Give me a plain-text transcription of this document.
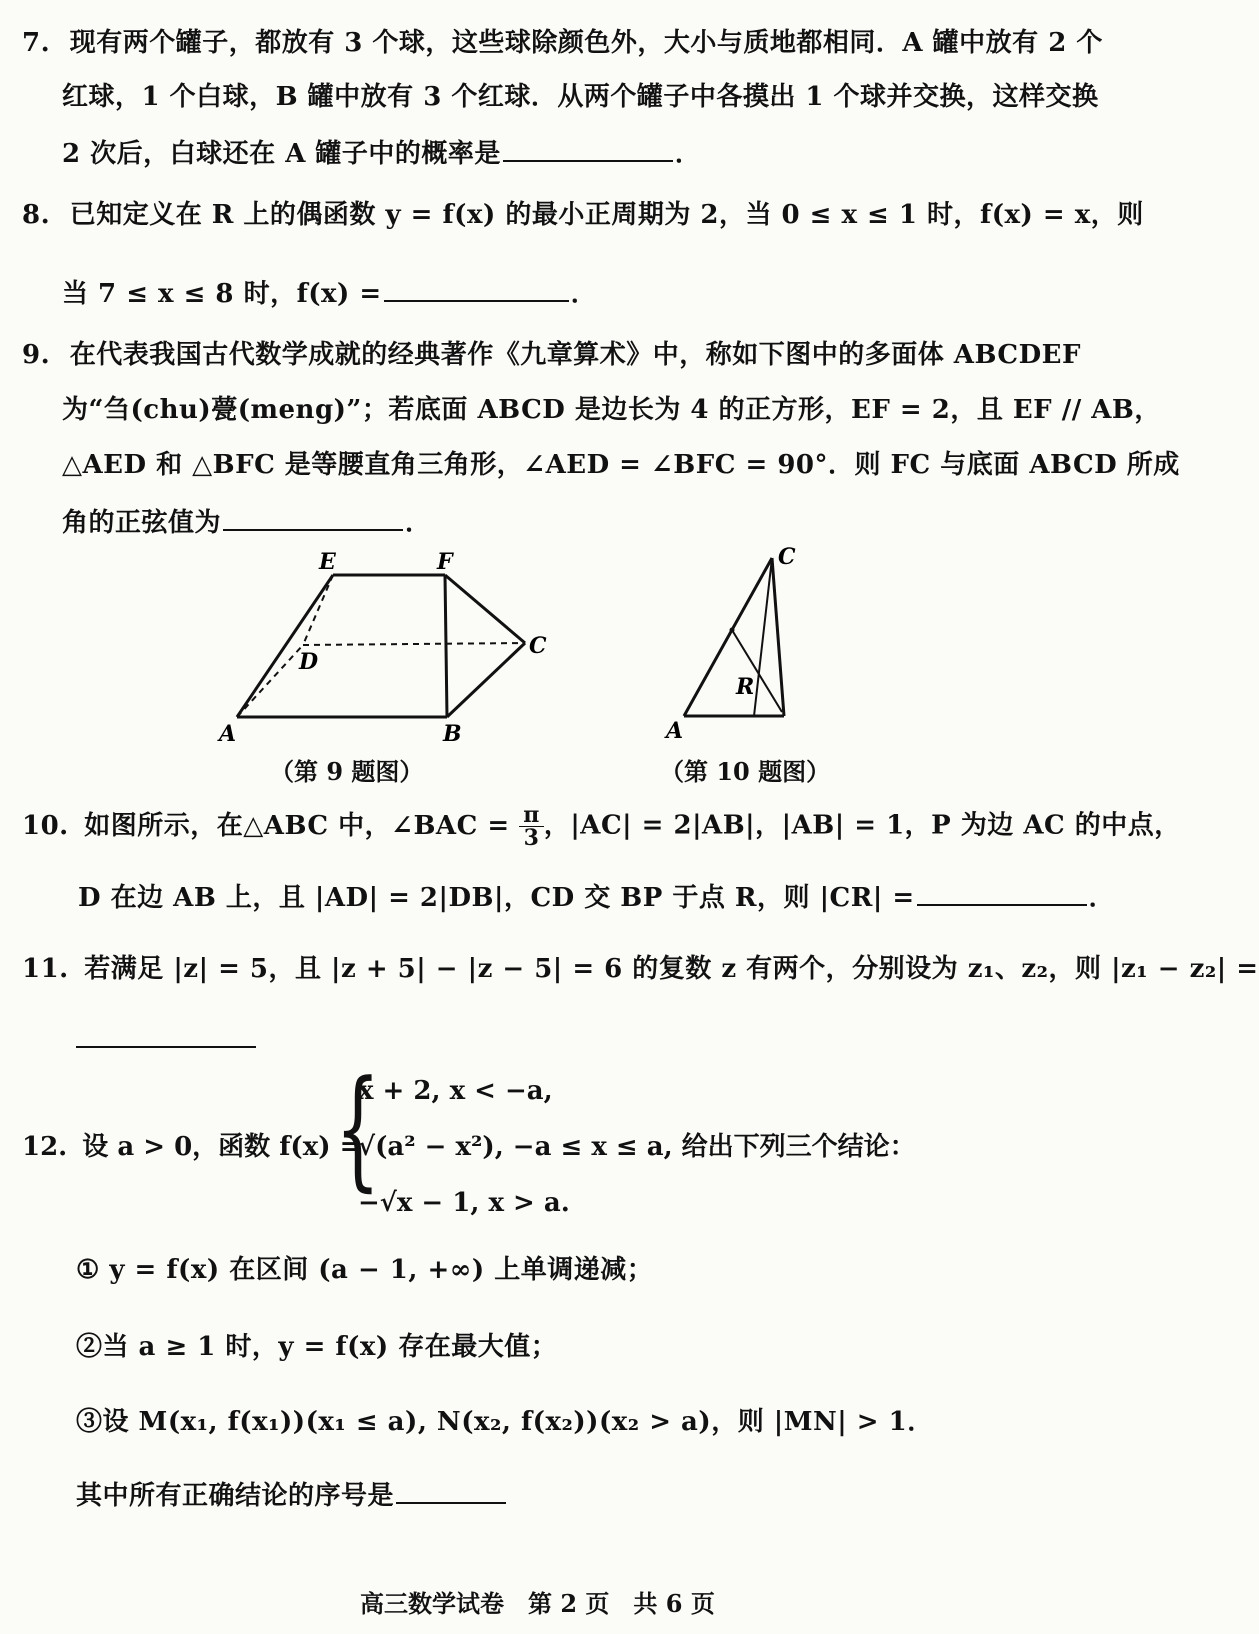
7. 现有两个罐子，都放有 3 个球，这些球除颜色外，大小与质地都相同．A 罐中放有 2 个
红球，1 个白球，B 罐中放有 3 个红球．从两个罐子中各摸出 1 个球并交换，这样交换
2 次后，白球还在 A 罐子中的概率是	．
8. 已知定义在 R 上的偶函数 y = f(x) 的最小正周期为 2，当 0 ≤ x ≤ 1 时，f(x) = x，则
当 7 ≤ x ≤ 8 时，f(x) =	．
9. 在代表我国古代数学成就的经典著作《九章算术》中，称如下图中的多面体 ABCDEF
为“刍(chu)甍(meng)”；若底面 ABCD 是边长为 4 的正方形，EF = 2，且 EF // AB，
△AED 和 △BFC 是等腰直角三角形，∠AED = ∠BFC = 90°．则 FC 与底面 ABCD 所成
角的正弦值为	．
E	F
D
C
A	B
（第 9 题图）
C
R
A
（第 10 题图）
10. 如图所示，在△ABC 中，∠BAC = $\frac{\pi}{3}$ ，|AC| = 2|AB|，|AB| = 1，P 为边 AC 的中点，
D 在边 AB 上，且 |AD| = 2|DB|，CD 交 BP 于点 R，则 |CR| =	．
11. 若满足 |z| = 5，且 |z + 5| − |z − 5| = 6 的复数 z 有两个，分别设为 z₁、z₂，则 |z₁ − z₂| =
12. 设 a > 0，函数 f(x) =
{
x + 2, x < −a,
√(a² − x²), −a ≤ x ≤ a, 给出下列三个结论：
−√x − 1, x > a.
① y = f(x) 在区间 (a − 1, +∞) 上单调递减；
②当 a ≥ 1 时，y = f(x) 存在最大值；
③设 M(x₁, f(x₁))(x₁ ≤ a), N(x₂, f(x₂))(x₂ > a)，则 |MN| > 1．
其中所有正确结论的序号是
高三数学试卷　第 2 页　共 6 页
